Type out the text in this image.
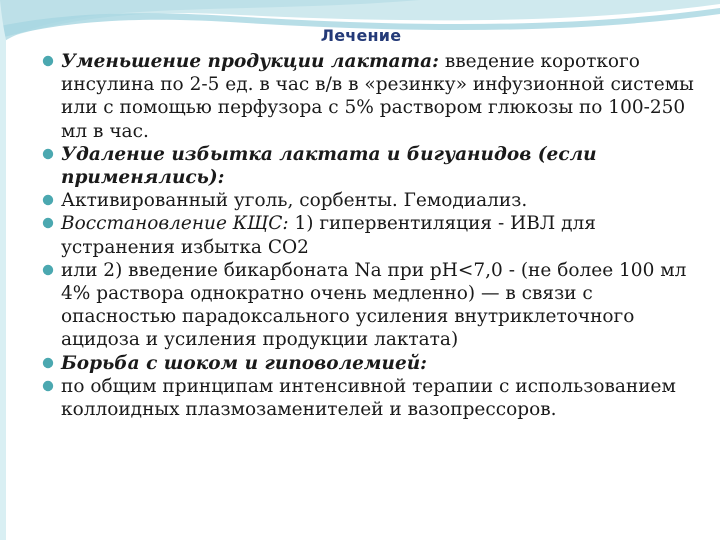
Лечение
Уменьшение продукции лактата: введение короткого инсулина по 2-5 ед. в час в/в в «резинку» инфузионной системы или с помощью перфузора с 5% раствором глюкозы по 100-250 мл в час.
Удаление избытка лактата и бигуанидов (если применялись):
Активированный уголь, сорбенты. Гемодиализ.
Восстановление КЩС: 1) гипервентиляция - ИВЛ для устранения избытка CO2
или 2) введение бикарбоната Na при pH<7,0 - (не более 100 мл 4% раствора однократно очень медленно) — в связи с опасностью парадоксального усиления внутриклеточного ацидоза и усиления продукции лактата)
Борьба с шоком и гиповолемией:
по общим принципам интенсивной терапии с использованием коллоидных плазмозаменителей и вазопрессоров.
